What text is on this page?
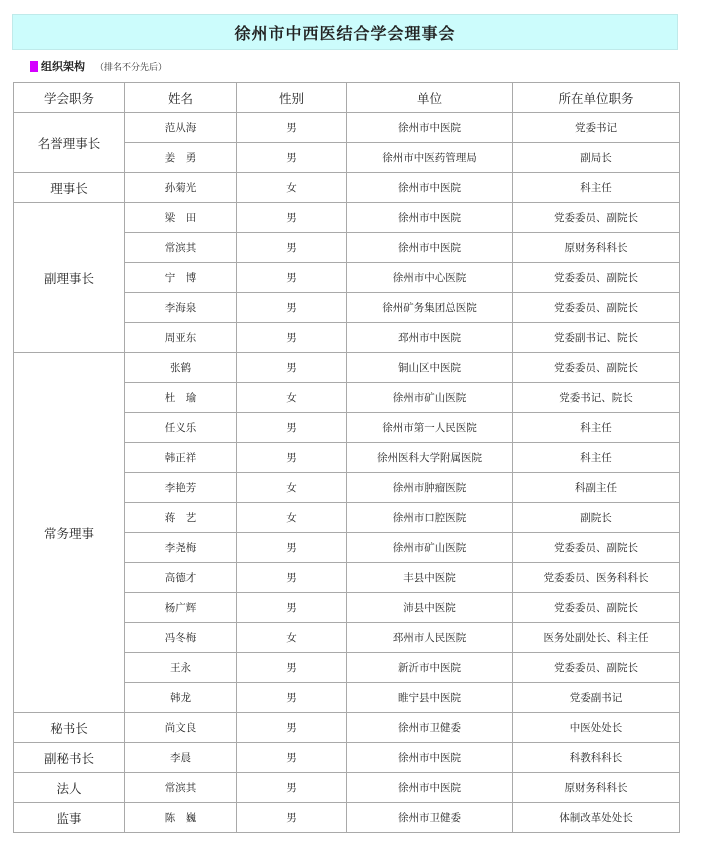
徐州市中西医结合学会理事会
组织架构 （排名不分先后）
学会职务	姓名	性别	单位	所在单位职务
名誉理事长	范从海	男	徐州市中医院	党委书记
	姜　勇	男	徐州市中医药管理局	副局长
理事长	孙菊光	女	徐州市中医院	科主任
副理事长	梁　田	男	徐州市中医院	党委委员、副院长
	常滨其	男	徐州市中医院	原财务科科长
	宁　博	男	徐州市中心医院	党委委员、副院长
	李海泉	男	徐州矿务集团总医院	党委委员、副院长
	周亚东	男	邳州市中医院	党委副书记、院长
常务理事	张鹤	男	铜山区中医院	党委委员、副院长
	杜　瑜	女	徐州市矿山医院	党委书记、院长
	任义乐	男	徐州市第一人民医院	科主任
	韩正祥	男	徐州医科大学附属医院	科主任
	李艳芳	女	徐州市肿瘤医院	科副主任
	蒋　艺	女	徐州市口腔医院	副院长
	李尧梅	男	徐州市矿山医院	党委委员、副院长
	高德才	男	丰县中医院	党委委员、医务科科长
	杨广辉	男	沛县中医院	党委委员、副院长
	冯冬梅	女	邳州市人民医院	医务处副处长、科主任
	王永	男	新沂市中医院	党委委员、副院长
	韩龙	男	睢宁县中医院	党委副书记
秘书长	尚文良	男	徐州市卫健委	中医处处长
副秘书长	李晨	男	徐州市中医院	科教科科长
法人	常滨其	男	徐州市中医院	原财务科科长
监事	陈　巍	男	徐州市卫健委	体制改革处处长
